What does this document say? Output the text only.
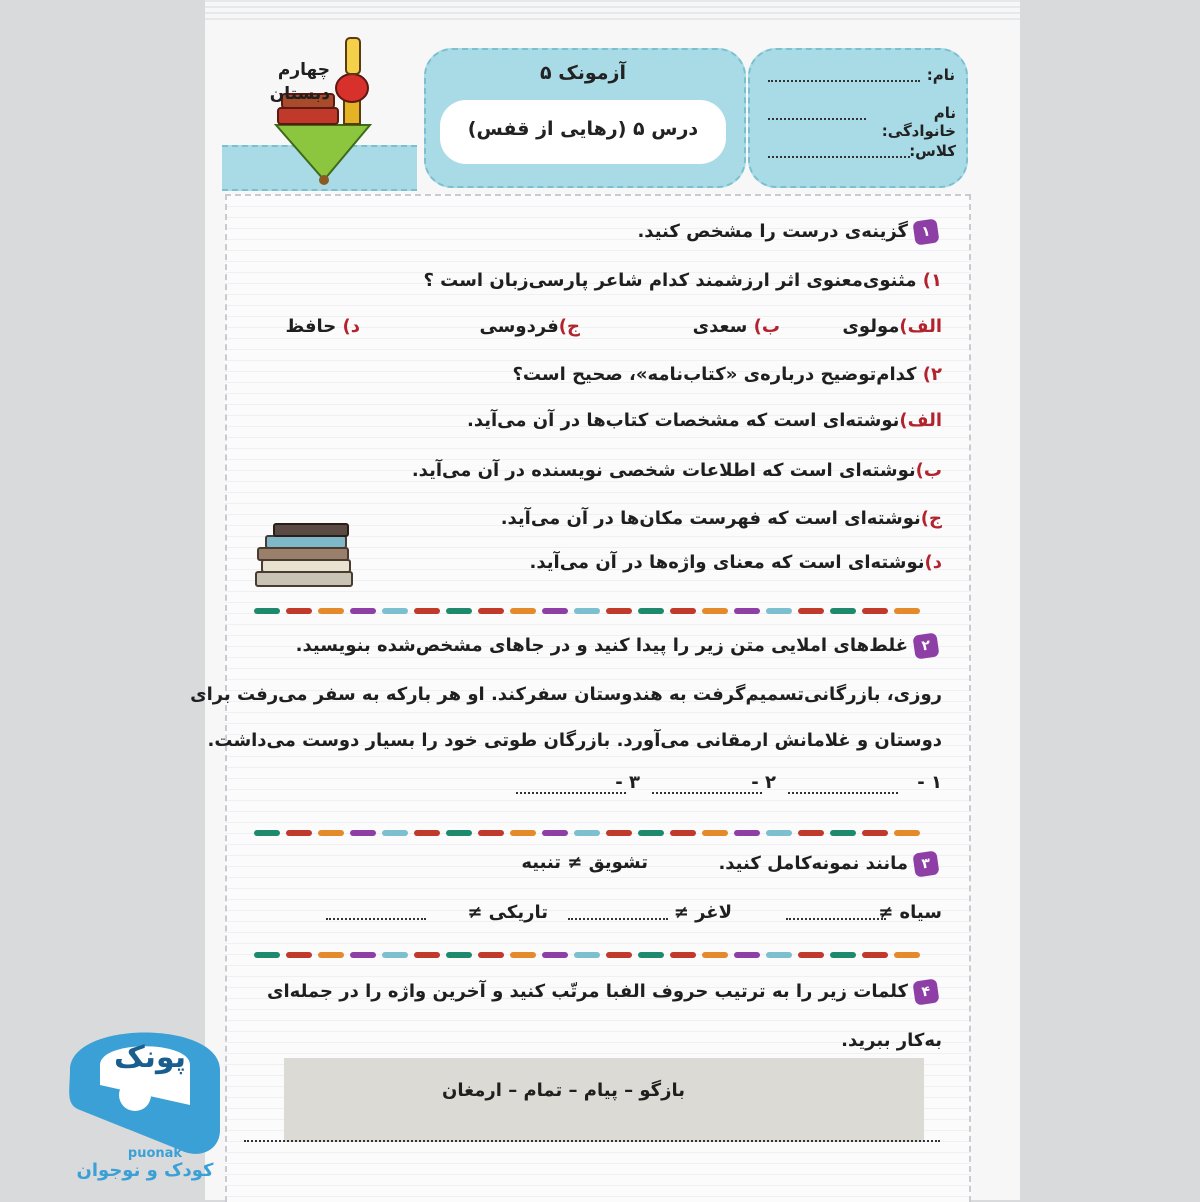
چهارم
دبستان
آزمونک ۵
درس ۵ (رهایی از قفس)
نام:
نام خانوادگی:
کلاس:
۱گزینه‌ی درست را مشخص کنید.
۱) مثنوی‌معنوی اثر ارزشمند کدام شاعر پارسی‌زبان است ؟
الف)مولوی
ب) سعدی
ج)فردوسی
د) حافظ
۲) کدام‌توضیح درباره‌ی «کتاب‌نامه»، صحیح است؟
الف)نوشته‌ای است که مشخصات کتاب‌ها در آن می‌آید.
ب)نوشته‌ای است که اطلاعات شخصی نویسنده در آن می‌آید.
ج)نوشته‌ای است که فهرست مکان‌ها در آن می‌آید.
د)نوشته‌ای است که معنای واژه‌ها در آن می‌آید.
۲غلط‌های املایی متن زیر را پیدا کنید و در جاهای مشخص‌شده بنویسید.
روزی، بازرگانی‌تسمیم‌گرفت به هندوستان سفرکند. او هر بارکه به سفر می‌رفت برای
دوستان و غلامانش ارمقانی می‌آورد. بازرگان طوتی خود را بسیار دوست می‌داشت.
۱ -
۲ -
۳ -
۳مانند نمونه‌کامل کنید.
تشویق ≠ تنبیه
سیاه ≠
لاغر ≠
تاریکی ≠
۴کلمات زیر را به ترتیب حروف الفبا مرتّب کنید و آخرین واژه را در جمله‌ای
به‌کار ببرید.
بازگو – پیام – تمام – ارمغان
پونک
puonak
کودک و نوجوان
